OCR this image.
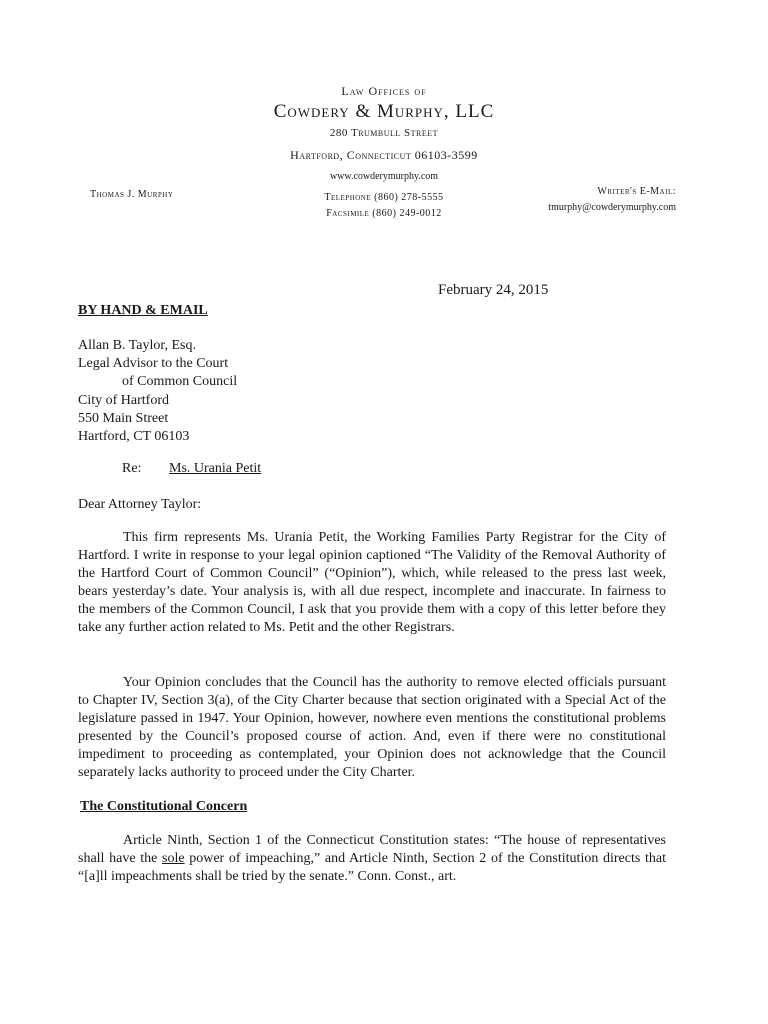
Law Offices of
Cowdery & Murphy, LLC
280 Trumbull Street
Hartford, Connecticut 06103-3599
www.cowderymurphy.com
Telephone (860) 278-5555
Facsimile (860) 249-0012
Thomas J. Murphy	Writer's E-Mail:
tmurphy@cowderymurphy.com
February 24, 2015
BY HAND & EMAIL
Allan B. Taylor, Esq.
Legal Advisor to the Court
of Common Council
City of Hartford
550 Main Street
Hartford, CT 06103
Re: Ms. Urania Petit
Dear Attorney Taylor:

This firm represents Ms. Urania Petit, the Working Families Party Registrar for the City of Hartford. I write in response to your legal opinion captioned “The Validity of the Removal Authority of the Hartford Court of Common Council” (“Opinion”), which, while released to the press last week, bears yesterday’s date. Your analysis is, with all due respect, incomplete and inaccurate. In fairness to the members of the Common Council, I ask that you provide them with a copy of this letter before they take any further action related to Ms. Petit and the other Registrars.

Your Opinion concludes that the Council has the authority to remove elected officials pursuant to Chapter IV, Section 3(a), of the City Charter because that section originated with a Special Act of the legislature passed in 1947. Your Opinion, however, nowhere even mentions the constitutional problems presented by the Council’s proposed course of action. And, even if there were no constitutional impediment to proceeding as contemplated, your Opinion does not acknowledge that the Council separately lacks authority to proceed under the City Charter.

The Constitutional Concern

Article Ninth, Section 1 of the Connecticut Constitution states: “The house of representatives shall have the sole power of impeaching,” and Article Ninth, Section 2 of the Constitution directs that “[a]ll impeachments shall be tried by the senate.” Conn. Const., art.
